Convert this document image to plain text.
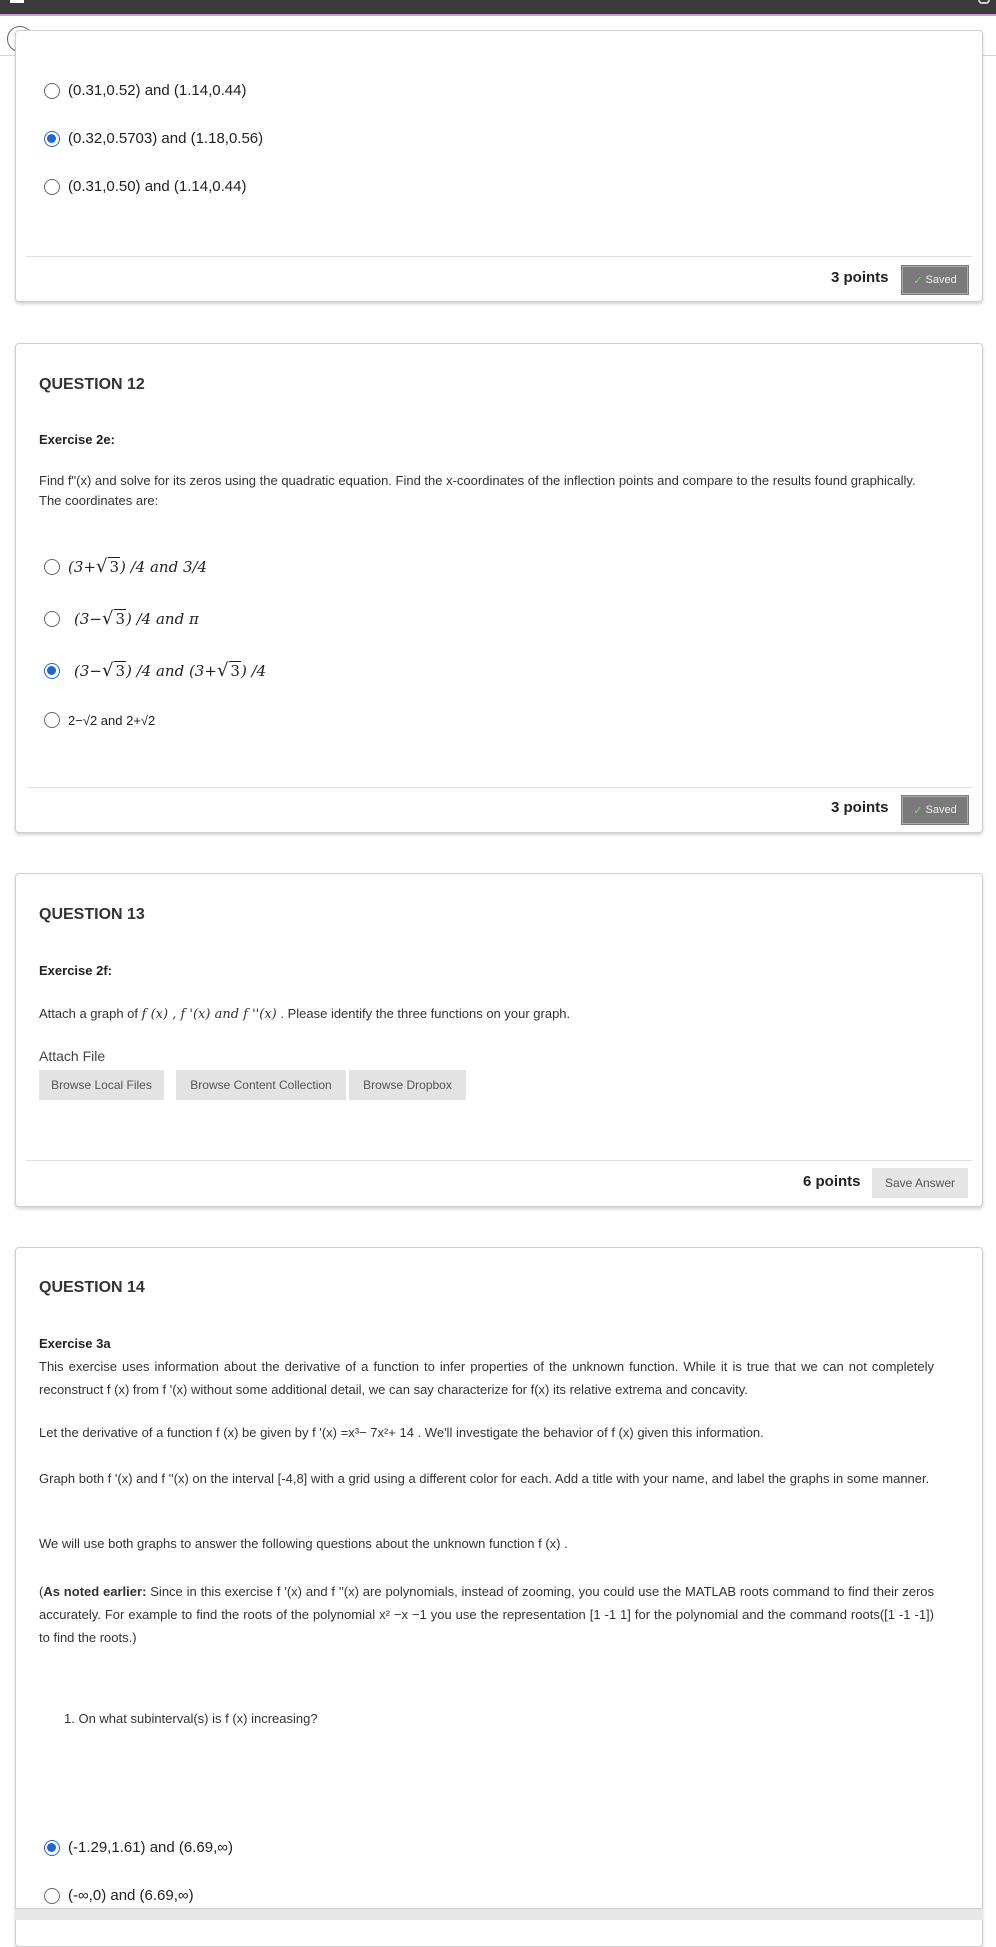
(0.31,0.52) and (1.14,0.44)
(0.32,0.5703) and (1.18,0.56)
(0.31,0.50) and (1.14,0.44)
3 points ✓ Saved
QUESTION 12
Exercise 2e:
Find f"(x) and solve for its zeros using the quadratic equation. Find the x-coordinates of the inflection points and compare to the results found graphically.
The coordinates are:
(3+√ 3) /4 and 3/4
(3−√ 3) /4 and π
(3−√ 3) /4 and (3+√ 3) /4
2−√2 and 2+√2
3 points ✓ Saved
QUESTION 13
Exercise 2f:
Attach a graph of f (x) , f '(x) and f ''(x) . Please identify the three functions on your graph.
Attach File
Browse Local Files	Browse Content Collection	Browse Dropbox
6 points	Save Answer
QUESTION 14
Exercise 3a
This exercise uses information about the derivative of a function to infer properties of the unknown function. While it is true that we can not completely reconstruct f (x) from f '(x) without some additional detail, we can say characterize for f(x) its relative extrema and concavity.
Let the derivative of a function f (x) be given by f '(x) =x³− 7x²+ 14 . We'll investigate the behavior of f (x) given this information.
Graph both f '(x) and f ''(x) on the interval [-4,8] with a grid using a different color for each. Add a title with your name, and label the graphs in some manner.
We will use both graphs to answer the following questions about the unknown function f (x) .
(As noted earlier: Since in this exercise f '(x) and f ''(x) are polynomials, instead of zooming, you could use the MATLAB roots command to find their zeros accurately. For example to find the roots of the polynomial x² −x −1 you use the representation [1 -1 1] for the polynomial and the command roots([1 -1 -1]) to find the roots.)
1. On what subinterval(s) is f (x) increasing?
(-1.29,1.61) and (6.69,∞)
(-∞,0) and (6.69,∞)
